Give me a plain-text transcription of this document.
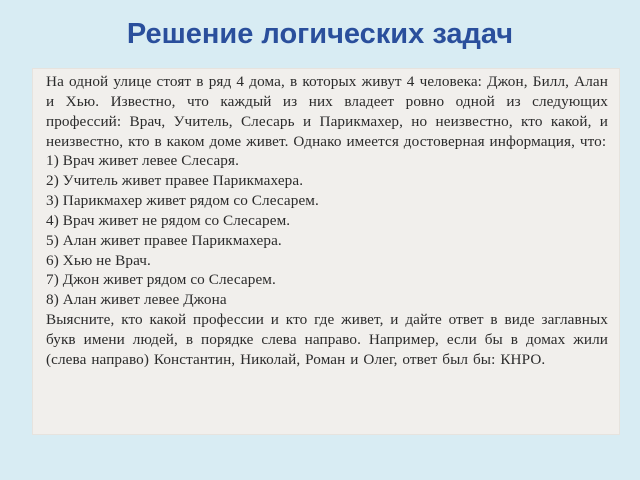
Решение логических задач
На одной улице стоят в ряд 4 дома, в которых живут 4 человека: Джон, Билл, Алан и Хью. Известно, что каждый из них владеет ровно одной из следующих профессий: Врач, Учитель, Слесарь и Парикмахер, но неизвестно, кто какой, и неизвестно, кто в каком доме живет. Однако имеется достоверная информация, что:
1) Врач живет левее Слесаря.
2) Учитель живет правее Парикмахера.
3) Парикмахер живет рядом со Слесарем.
4) Врач живет не рядом со Слесарем.
5) Алан живет правее Парикмахера.
6) Хью не Врач.
7) Джон живет рядом со Слесарем.
8) Алан живет левее Джона
Выясните, кто какой профессии и кто где живет, и дайте ответ в виде заглавных букв имени людей, в порядке слева направо. Например, если бы в домах жили (слева направо) Константин, Николай, Роман и Олег, ответ был бы: КНРО.
